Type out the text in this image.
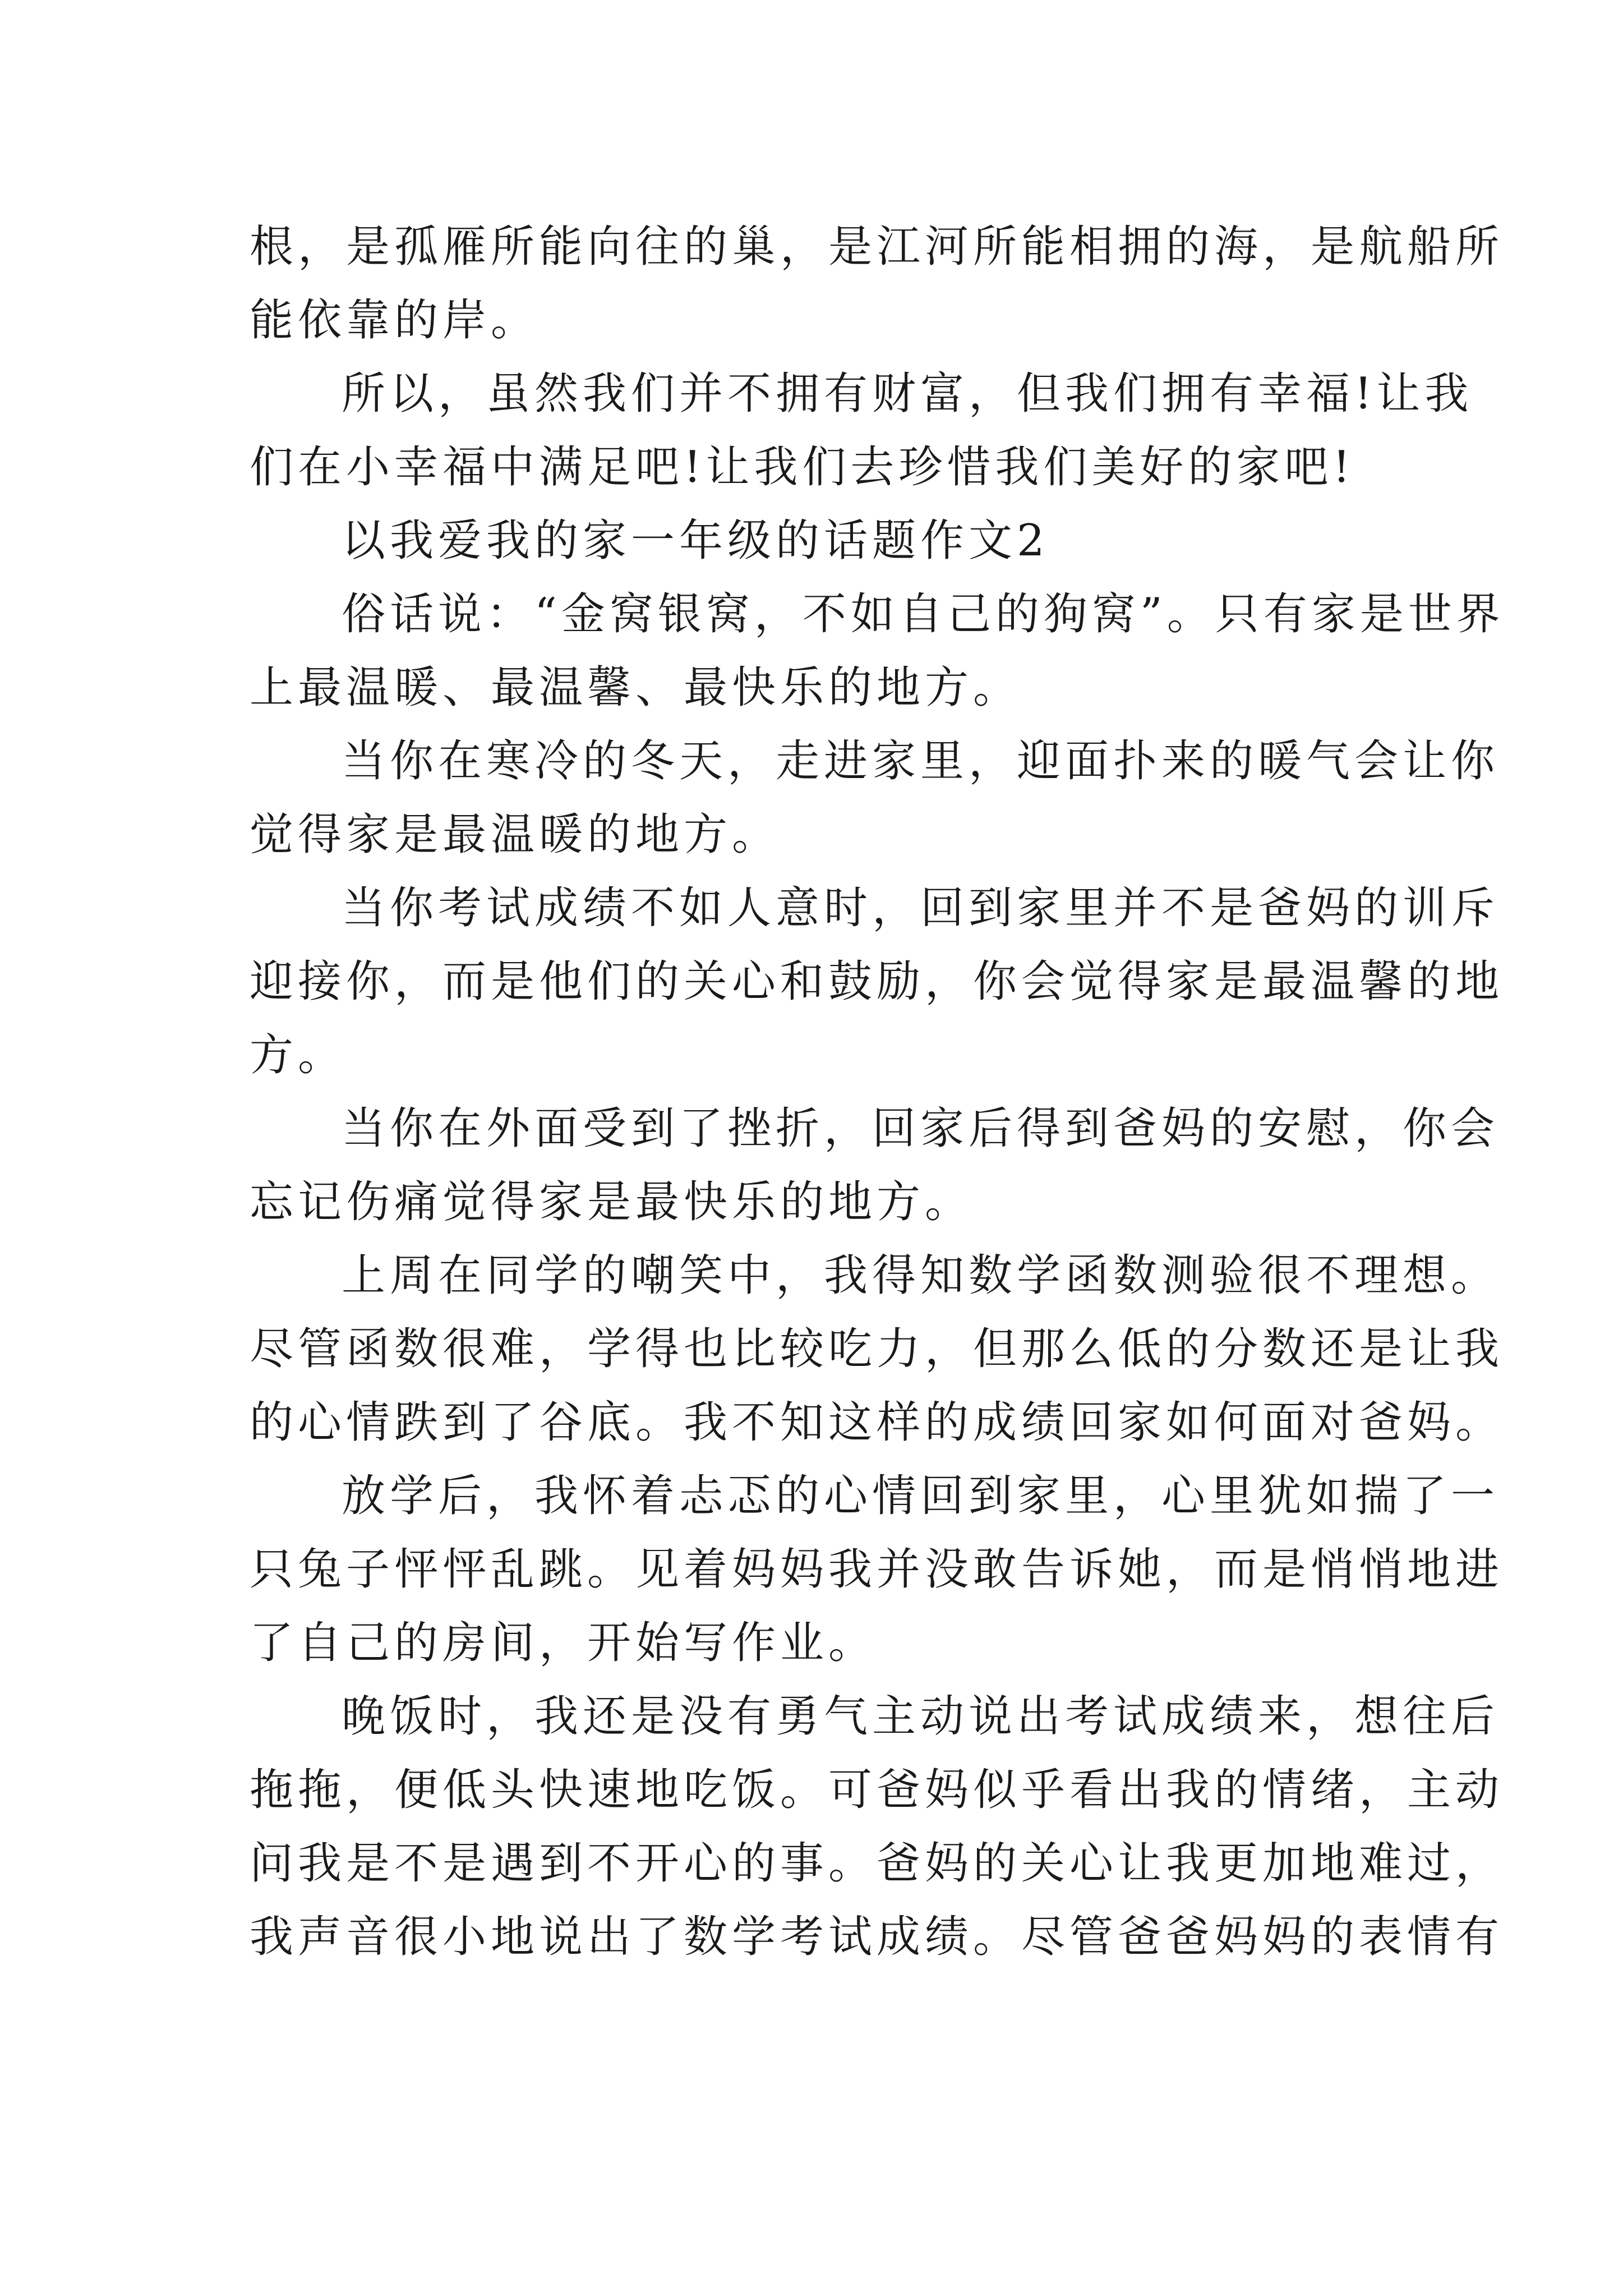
根，是孤雁所能向往的巢，是江河所能相拥的海，是航船所
能依靠的岸。
所以，虽然我们并不拥有财富，但我们拥有幸福!让我
们在小幸福中满足吧!让我们去珍惜我们美好的家吧!
以我爱我的家一年级的话题作文2
俗话说：“金窝银窝，不如自己的狗窝”。只有家是世界
上最温暖、最温馨、最快乐的地方。
当你在寒冷的冬天，走进家里，迎面扑来的暖气会让你
觉得家是最温暖的地方。
当你考试成绩不如人意时，回到家里并不是爸妈的训斥
迎接你，而是他们的关心和鼓励，你会觉得家是最温馨的地
方。
当你在外面受到了挫折，回家后得到爸妈的安慰，你会
忘记伤痛觉得家是最快乐的地方。
上周在同学的嘲笑中，我得知数学函数测验很不理想。
尽管函数很难，学得也比较吃力，但那么低的分数还是让我
的心情跌到了谷底。我不知这样的成绩回家如何面对爸妈。
放学后，我怀着忐忑的心情回到家里，心里犹如揣了一
只兔子怦怦乱跳。见着妈妈我并没敢告诉她，而是悄悄地进
了自己的房间，开始写作业。
晚饭时，我还是没有勇气主动说出考试成绩来，想往后
拖拖，便低头快速地吃饭。可爸妈似乎看出我的情绪，主动
问我是不是遇到不开心的事。爸妈的关心让我更加地难过，
我声音很小地说出了数学考试成绩。尽管爸爸妈妈的表情有
